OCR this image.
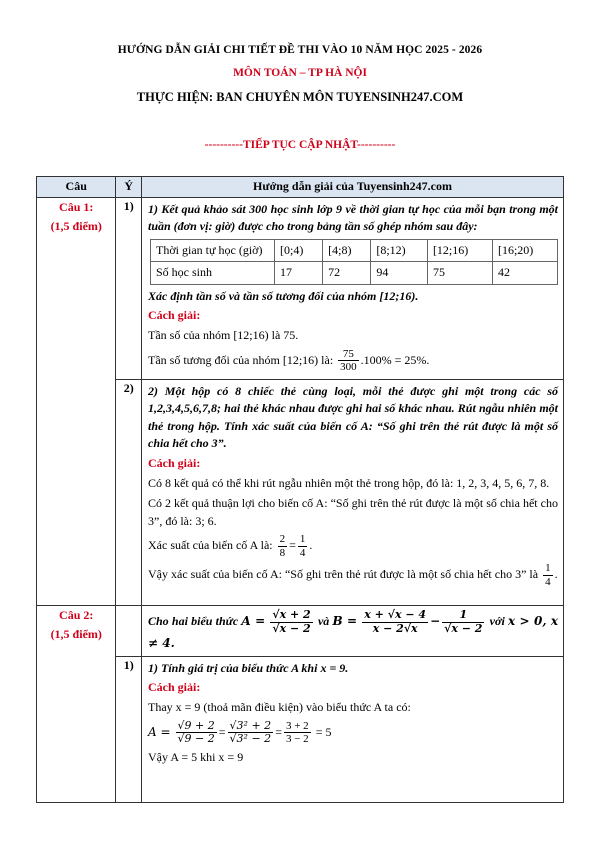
HƯỚNG DẪN GIẢI CHI TIẾT ĐỀ THI VÀO 10 NĂM HỌC 2025 - 2026
MÔN TOÁN – TP HÀ NỘI
THỰC HIỆN: BAN CHUYÊN MÔN TUYENSINH247.COM
----------TIẾP TỤC CẬP NHẬT----------
Câu	Ý	Hướng dẫn giải của Tuyensinh247.com

Câu 1:
(1,5 điểm)
	1)	1) Kết quả khảo sát 300 học sinh lớp 9 về thời gian tự học của mỗi bạn trong một tuần (đơn vị: giờ) được cho trong bảng tần số ghép nhóm sau đây:
Thời gian tự học (giờ)	[0;4)	[4;8)	[8;12)	[12;16)	[16;20)
Số học sinh	17	72	94	75	42
Xác định tần số và tần số tương đối của nhóm [12;16).
Cách giải:
Tần số của nhóm [12;16) là 75.
Tần số tương đối của nhóm [12;16) là: $\frac{75}{300} .100\% = 25\%$.

2)	2) Một hộp có 8 chiếc thẻ cùng loại, mỗi thẻ được ghi một trong các số 1,2,3,4,5,6,7,8; hai thẻ khác nhau được ghi hai số khác nhau. Rút ngẫu nhiên một thẻ trong hộp. Tính xác suất của biến cố A: “Số ghi trên thẻ rút được là một số chia hết cho 3”.
Cách giải:
Có 8 kết quả có thể khi rút ngẫu nhiên một thẻ trong hộp, đó là: 1, 2, 3, 4, 5, 6, 7, 8.
Có 2 kết quả thuận lợi cho biến cố A: “Số ghi trên thẻ rút được là một số chia hết cho 3”, đó là: 3; 6.
Xác suất của biến cố A là: $\frac{2}{8} = \frac{1}{4}$ .
Vậy xác suất của biến cố A: “Số ghi trên thẻ rút được là một số chia hết cho 3” là $\frac{1}{4}$ .

Câu 2:
(1,5 điểm)

Cho hai biểu thức $A = \frac{√x + 2}{√x - 2}$ và $B = \frac{x + √x - 4}{x - 2√x} - \frac{1}{√x - 2}$ với x > 0, x ≠ 4.

1)	1) Tính giá trị của biểu thức A khi x = 9.
Cách giải:
Thay x = 9 (thoả mãn điều kiện) vào biểu thức A ta có:
$A = \frac{√9 + 2}{√9 - 2} = \frac{\text{√3² + 2}}{\text{√3² − 2}} = \frac{3 + 2}{3 - 2} = 5$
Vậy A = 5 khi x = 9
